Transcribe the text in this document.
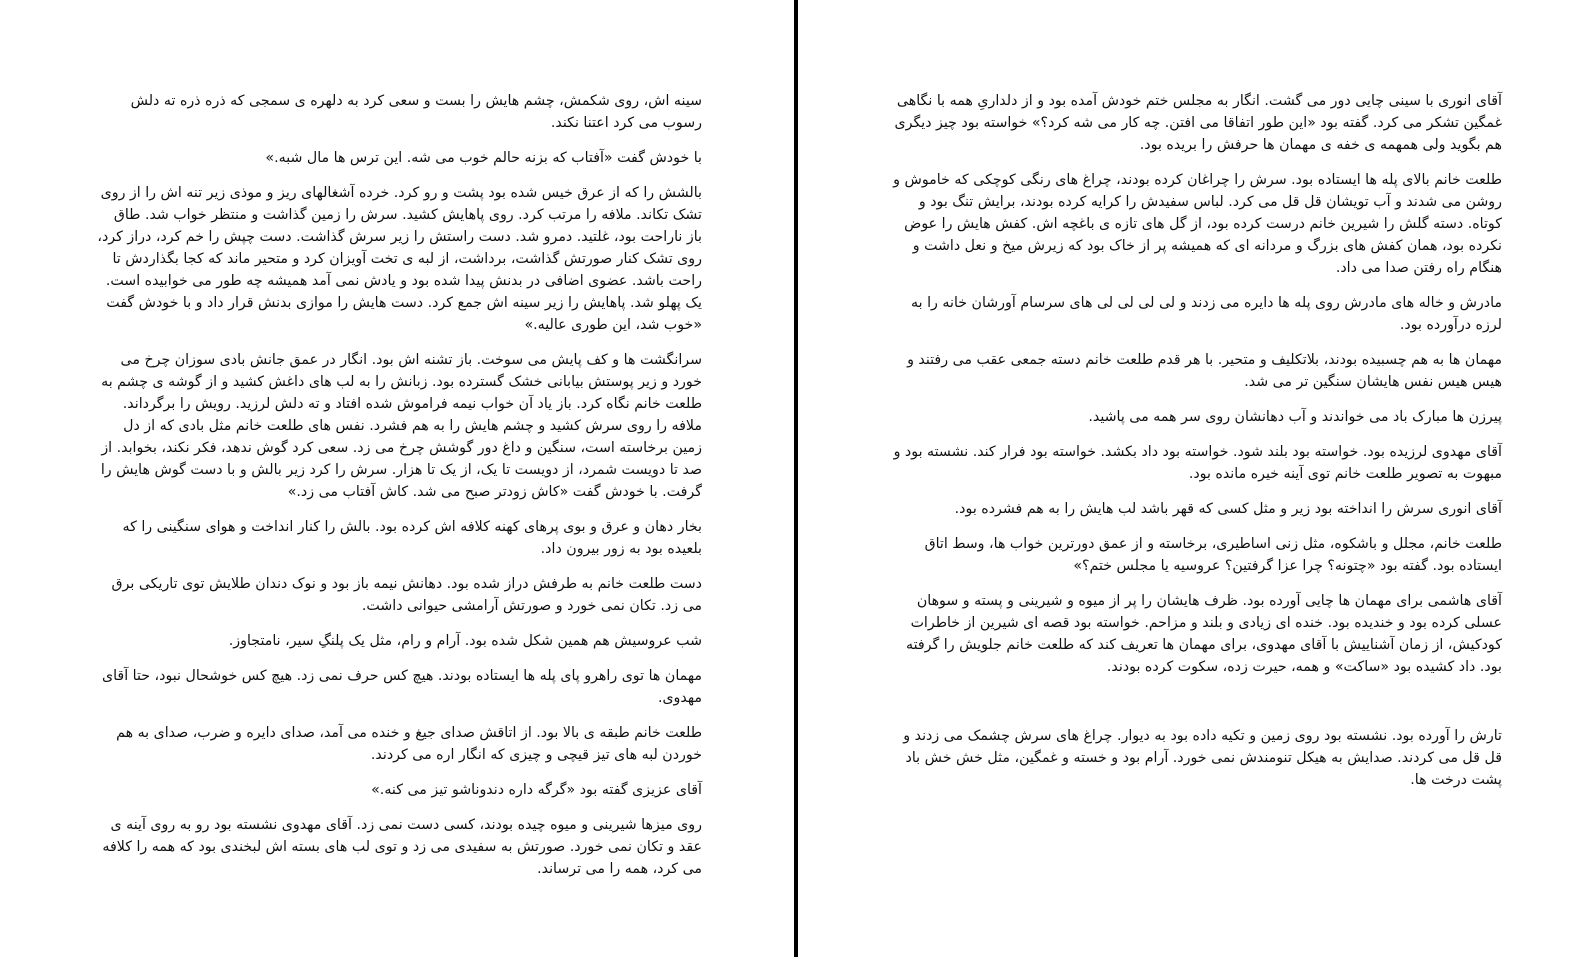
سینه اش، روی شکمش، چشم هایش را بست و سعی کرد به دلهره ی سمجی که ذره ذره ته دلش رسوب می کرد اعتنا نکند.

با خودش گفت «آفتاب که بزنه حالم خوب می شه. این ترس ها مال شبه.»

بالشش را که از عرق خیس شده بود پشت و رو کرد. خرده آشغالهای ریز و موذی زیر تنه اش را از روی تشک تکاند. ملافه را مرتب کرد. روی پاهایش کشید. سرش را زمین گذاشت و منتظر خواب شد. طاق باز ناراحت بود، غلتید. دمرو شد. دست راستش را زیر سرش گذاشت. دست چپش را خم کرد، دراز کرد، روی تشک کنار صورتش گذاشت، برداشت، از لبه ی تخت آویزان کرد و متحیر ماند که کجا بگذاردش تا راحت باشد. عضوی اضافی در بدنش پیدا شده بود و یادش نمی آمد همیشه چه طور می خوابیده است. یک پهلو شد. پاهایش را زیر سینه اش جمع کرد. دست هایش را موازی بدنش قرار داد و با خودش گفت «خوب شد، این طوری عالیه.»

سرانگشت ها و کف پایش می سوخت. باز تشنه اش بود. انگار در عمق جانش بادی سوزان چرخ می خورد و زیر پوستش بیابانی خشک گسترده بود. زبانش را به لب های داغش کشید و از گوشه ی چشم به طلعت خانم نگاه کرد. باز یاد آن خواب نیمه فراموش شده افتاد و ته دلش لرزید. رویش را برگرداند. ملافه را روی سرش کشید و چشم هایش را به هم فشرد. نفس های طلعت خانم مثل بادی که از دل زمین برخاسته است، سنگین و داغ دور گوشش چرخ می زد. سعی کرد گوش ندهد، فکر نکند، بخوابد. از صد تا دویست شمرد، از دویست تا یک، از یک تا هزار. سرش را کرد زیر بالش و با دست گوش هایش را گرفت. با خودش گفت «کاش زودتر صبح می شد. کاش آفتاب می زد.»

بخار دهان و عرق و بوی پرهای کهنه کلافه اش کرده بود. بالش را کنار انداخت و هوای سنگینی را که بلعیده بود به زور بیرون داد.

دست طلعت خانم به طرفش دراز شده بود. دهانش نیمه باز بود و نوک دندان طلایش توی تاریکی برق می زد. تکان نمی خورد و صورتش آرامشی حیوانی داشت.

شب عروسیش هم همین شکل شده بود. آرام و رام، مثل یک پلنگِ سیر، نامتجاوز.

مهمان ها توی راهرو پای پله ها ایستاده بودند. هیچ کس حرف نمی زد. هیچ کس خوشحال نبود، حتا آقای مهدوی.

طلعت خانم طبقه ی بالا بود. از اتاقش صدای جیغ و خنده می آمد، صدای دایره و ضرب، صدای به هم خوردن لبه های تیز قیچی و چیزی که انگار اره می کردند.

آقای عزیزی گفته بود «گرگه داره دندوناشو تیز می کنه.»

روی میزها شیرینی و میوه چیده بودند، کسی دست نمی زد. آقای مهدوی نشسته بود رو به روی آینه ی عقد و تکان نمی خورد. صورتش به سفیدی می زد و توی لب های بسته اش لبخندی بود که همه را کلافه می کرد، همه را می ترساند.

آقای انوری با سینی چایی دور می گشت. انگار به مجلس ختم خودش آمده بود و از دلداریِ همه با نگاهی غمگین تشکر می کرد. گفته بود «این طور اتفاقا می افتن. چه کار می شه کرد؟» خواسته بود چیز دیگری هم بگوید ولی همهمه ی خفه ی مهمان ها حرفش را بریده بود.

طلعت خانم بالای پله ها ایستاده بود. سرش را چراغان کرده بودند، چراغ های رنگی کوچکی که خاموش و روشن می شدند و آب تویشان قل قل می کرد. لباس سفیدش را کرایه کرده بودند، برایش تنگ بود و کوتاه. دسته گلش را شیرین خانم درست کرده بود، از گل های تازه ی باغچه اش. کفش هایش را عوض نکرده بود، همان کفش های بزرگ و مردانه ای که همیشه پر از خاک بود که زیرش میخ و نعل داشت و هنگام راه رفتن صدا می داد.

مادرش و خاله های مادرش روی پله ها دایره می زدند و لی لی لی لی های سرسام آورشان خانه را به لرزه درآورده بود.

مهمان ها به هم چسبیده بودند، بلاتکلیف و متحیر. با هر قدم طلعت خانم دسته جمعی عقب می رفتند و هیس هیس نفس هایشان سنگین تر می شد.

پیرزن ها مبارک باد می خواندند و آب دهانشان روی سر همه می پاشید.

آقای مهدوی لرزیده بود. خواسته بود بلند شود. خواسته بود داد بکشد. خواسته بود فرار کند. نشسته بود و مبهوت به تصویر طلعت خانم توی آینه خیره مانده بود.

آقای انوری سرش را انداخته بود زیر و مثل کسی که قهر باشد لب هایش را به هم فشرده بود.

طلعت خانم، مجلل و باشکوه، مثل زنی اساطیری، برخاسته و از عمق دورترین خواب ها، وسط اتاق ایستاده بود. گفته بود «چتونه؟ چرا عزا گرفتین؟ عروسیه یا مجلس ختم؟»

آقای هاشمی برای مهمان ها چایی آورده بود. ظرف هایشان را پر از میوه و شیرینی و پسته و سوهان عسلی کرده بود و خندیده بود. خنده ای زیادی و بلند و مزاحم. خواسته بود قصه ای شیرین از خاطرات کودکیش، از زمان آشناییش با آقای مهدوی، برای مهمان ها تعریف کند که طلعت خانم جلویش را گرفته بود. داد کشیده بود «ساکت» و همه، حیرت زده، سکوت کرده بودند.

تارش را آورده بود. نشسته بود روی زمین و تکیه داده بود به دیوار. چراغ های سرش چشمک می زدند و قل قل می کردند. صدایش به هیکل تنومندش نمی خورد. آرام بود و خسته و غمگین، مثل خش خش باد پشت درخت ها.
